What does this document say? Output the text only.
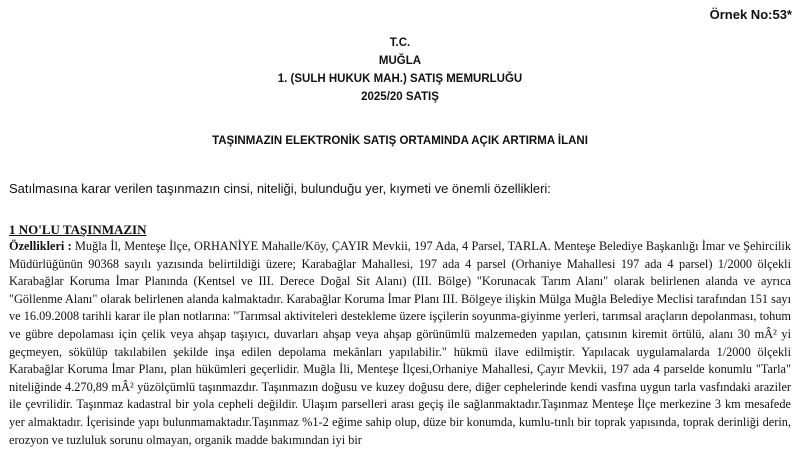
Örnek No:53*
T.C.
MUĞLA
1. (SULH HUKUK MAH.) SATIŞ MEMURLUĞU
2025/20 SATIŞ
TAŞINMAZIN ELEKTRONİK SATIŞ ORTAMINDA AÇIK ARTIRMA İLANI
Satılmasına karar verilen taşınmazın cinsi, niteliği, bulunduğu yer, kıymeti ve önemli özellikleri:
1 NO'LU TAŞINMAZIN

Özellikleri : Muğla İl, Menteşe İlçe, ORHANİYE Mahalle/Köy, ÇAYIR Mevkii, 197 Ada, 4 Parsel, TARLA. Menteşe Belediye Başkanlığı İmar ve Şehircilik Müdürlüğünün 90368 sayılı yazısında belirtildiği üzere; Karabağlar Mahallesi, 197 ada 4 parsel (Orhaniye Mahallesi 197 ada 4 parsel) 1/2000 ölçekli Karabağlar Koruma İmar Planında (Kentsel ve III. Derece Doğal Sit Alanı) (III. Bölge) "Korunacak Tarım Alanı" olarak belirlenen alanda ve ayrıca "Göllenme Alanı" olarak belirlenen alanda kalmaktadır. Karabağlar Koruma İmar Planı III. Bölgeye ilişkin Mülga Muğla Belediye Meclisi tarafından 151 sayı ve 16.09.2008 tarihli karar ile plan notlarına: "Tarımsal aktiviteleri destekleme üzere işçilerin soyunma-giyinme yerleri, tarımsal araçların depolanması, tohum ve gübre depolaması için çelik veya ahşap taşıyıcı, duvarları ahşap veya ahşap görünümlü malzemeden yapılan, çatısının kiremit örtülü, alanı 30 mÂ² yi geçmeyen, sökülüp takılabilen şekilde inşa edilen depolama mekânları yapılabilir." hükmü ilave edilmiştir. Yapılacak uygulamalarda 1/2000 ölçekli Karabağlar Koruma İmar Planı, plan hükümleri geçerlidir. Muğla İli, Menteşe İlçesi,Orhaniye Mahallesi, Çayır Mevkii, 197 ada 4 parselde konumlu "Tarla" niteliğinde 4.270,89 mÂ² yüzölçümlü taşınmazdır. Taşınmazın doğusu ve kuzey doğusu dere, diğer cephelerinde kendi vasfına uygun tarla vasfındaki araziler ile çevrilidir. Taşınmaz kadastral bir yola cepheli değildir. Ulaşım parselleri arası geçiş ile sağlanmaktadır.Taşınmaz Menteşe İlçe merkezine 3 km mesafede yer almaktadır. İçerisinde yapı bulunmamaktadır.Taşınmaz %1-2 eğime sahip olup, düze bir konumda, kumlu-tınlı bir toprak yapısında, toprak derinliği derin, erozyon ve tuzluluk sorunu olmayan, organik madde bakımından iyi bir
